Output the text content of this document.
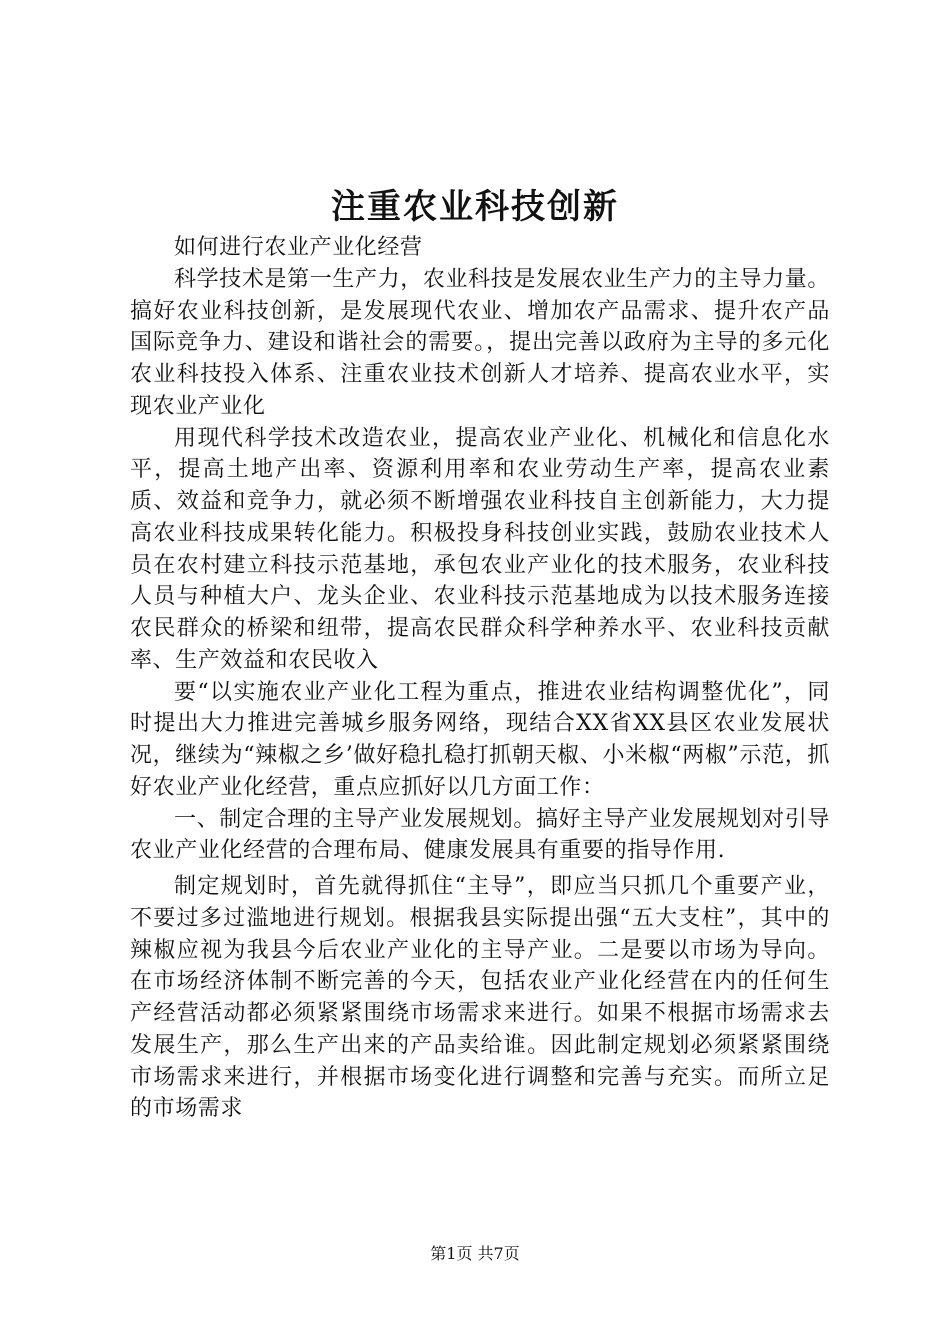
注重农业科技创新

如何进行农业产业化经营

科学技术是第一生产力，农业科技是发展农业生产力的主导力量。搞好农业科技创新，是发展现代农业、增加农产品需求、提升农产品国际竞争力、建设和谐社会的需要。，提出完善以政府为主导的多元化农业科技投入体系、注重农业技术创新人才培养、提高农业水平，实现农业产业化

用现代科学技术改造农业，提高农业产业化、机械化和信息化水平，提高土地产出率、资源利用率和农业劳动生产率，提高农业素质、效益和竞争力，就必须不断增强农业科技自主创新能力，大力提高农业科技成果转化能力。积极投身科技创业实践，鼓励农业技术人员在农村建立科技示范基地，承包农业产业化的技术服务，农业科技人员与种植大户、龙头企业、农业科技示范基地成为以技术服务连接农民群众的桥梁和纽带，提高农民群众科学种养水平、农业科技贡献率、生产效益和农民收入

要“以实施农业产业化工程为重点，推进农业结构调整优化”，同时提出大力推进完善城乡服务网络，现结合XX省XX县区农业发展状况，继续为“辣椒之乡’做好稳扎稳打抓朝天椒、小米椒“两椒”示范，抓好农业产业化经营，重点应抓好以几方面工作：

一、制定合理的主导产业发展规划。搞好主导产业发展规划对引导农业产业化经营的合理布局、健康发展具有重要的指导作用.

制定规划时，首先就得抓住“主导”，即应当只抓几个重要产业，不要过多过滥地进行规划。根据我县实际提出强“五大支柱”，其中的辣椒应视为我县今后农业产业化的主导产业。二是要以市场为导向。在市场经济体制不断完善的今天，包括农业产业化经营在内的任何生产经营活动都必须紧紧围绕市场需求来进行。如果不根据市场需求去发展生产，那么生产出来的产品卖给谁。因此制定规划必须紧紧围绕市场需求来进行，并根据市场变化进行调整和完善与充实。而所立足的市场需求

第1页 共7页
